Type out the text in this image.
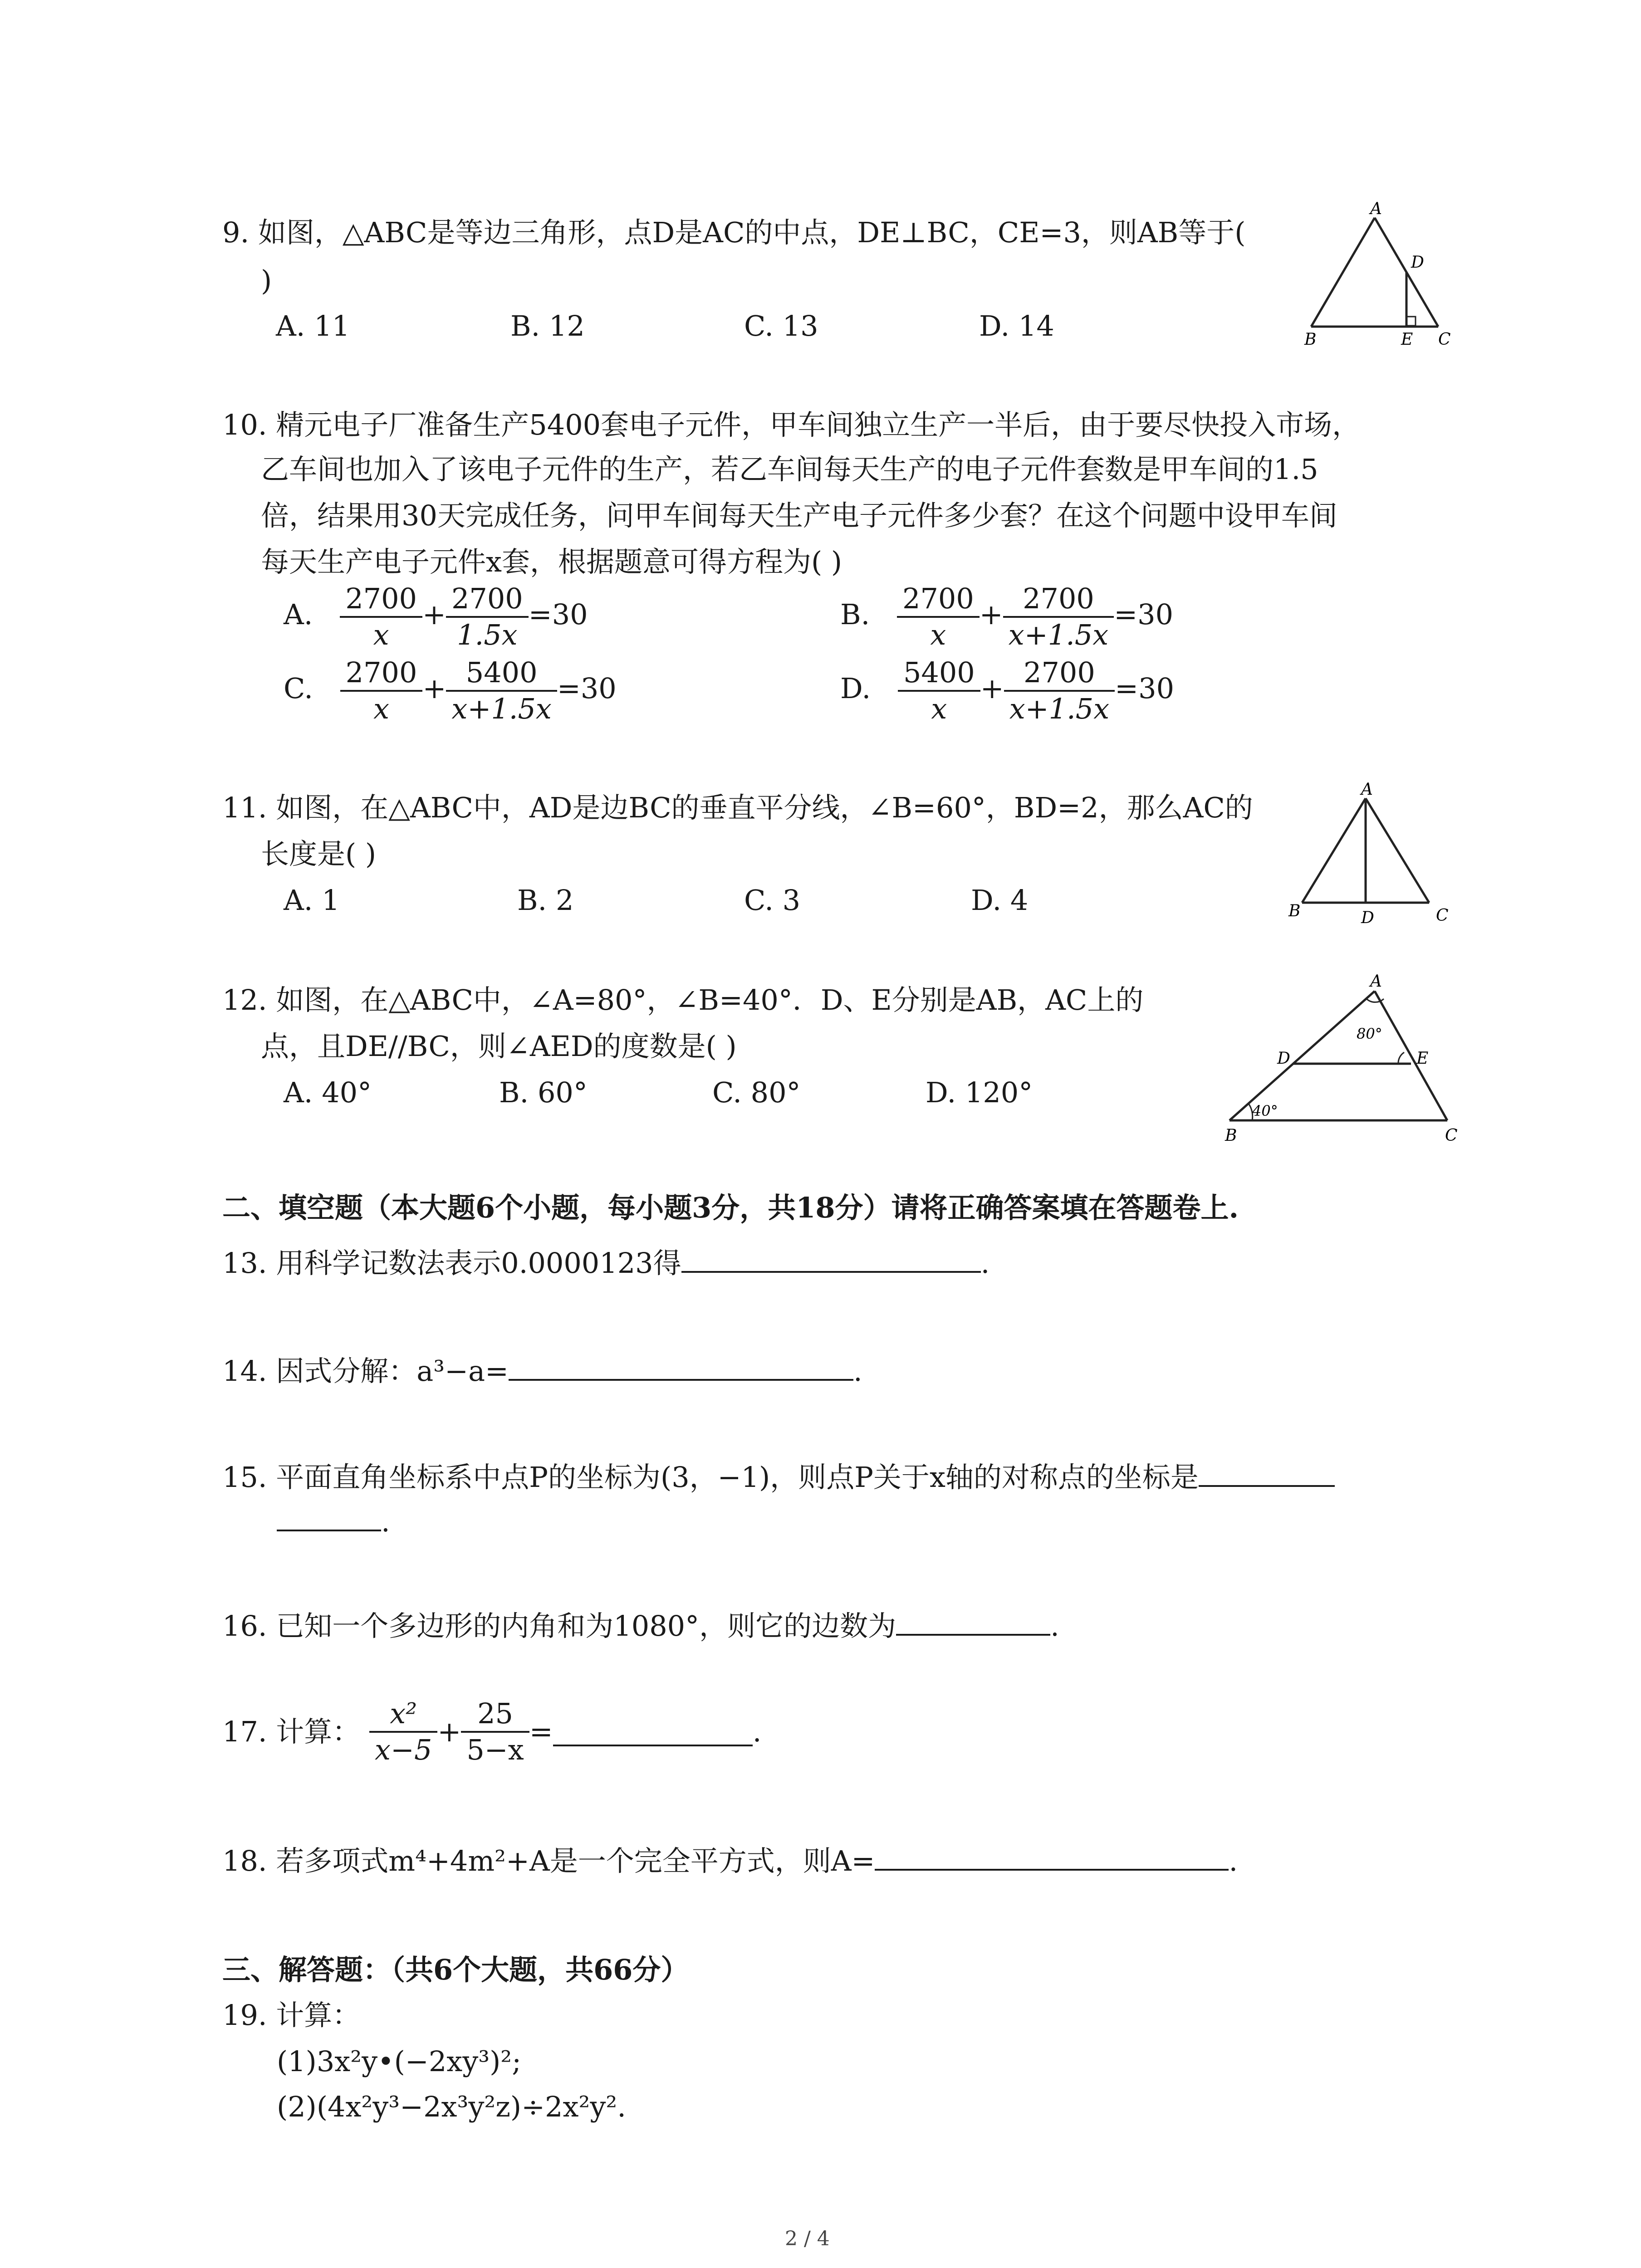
9. 如图，△ABC是等边三角形，点D是AC的中点，DE⊥BC，CE=3，则AB等于(
)
A. 11	B. 12	C. 13	D. 14
A
B	C
D
E
10. 精元电子厂准备生产5400套电子元件，甲车间独立生产一半后，由于要尽快投入市场，
乙车间也加入了该电子元件的生产，若乙车间每天生产的电子元件套数是甲车间的1.5
倍，结果用30天完成任务，问甲车间每天生产电子元件多少套？在这个问题中设甲车间
每天生产电子元件x套，根据题意可得方程为( )
A. $\frac{2700}{x} + \frac{2700}{1.5x} =30$	B. $\frac{2700}{x} + \frac{2700}{x+1.5x} =30$
C. $\frac{2700}{x} + \frac{5400}{x+1.5x} =30$	D. $\frac{5400}{x} + \frac{2700}{x+1.5x} =30$
11. 如图，在△ABC中，AD是边BC的垂直平分线，∠B=60°，BD=2，那么AC的
长度是( )
A. 1	B. 2	C. 3	D. 4
A
B	C
D
12. 如图，在△ABC中，∠A=80°，∠B=40°．D、E分别是AB，AC上的
点，且DE//BC，则∠AED的度数是( )
A. 40°	B. 60°	C. 80°	D. 120°
A
B	C
D	E
80°
40°
二、填空题（本大题6个小题，每小题3分，共18分）请将正确答案填在答题卷上.
13. 用科学记数法表示0.0000123得	.
14. 因式分解：a³−a=	.
15. 平面直角坐标系中点P的坐标为(3，−1)，则点P关于x轴的对称点的坐标是
.
16. 已知一个多边形的内角和为1080°，则它的边数为	.
17. 计算： $\frac{\text{x²}}{x-5} + \frac{25}{5-x}$ =	.
18. 若多项式m⁴+4m²+A是一个完全平方式，则A=	.
三、解答题：（共6个大题，共66分）
19. 计算：
(1)3x²y•(−2xy³)²;
(2)(4x²y³−2x³y²z)÷2x²y².
2 / 4
